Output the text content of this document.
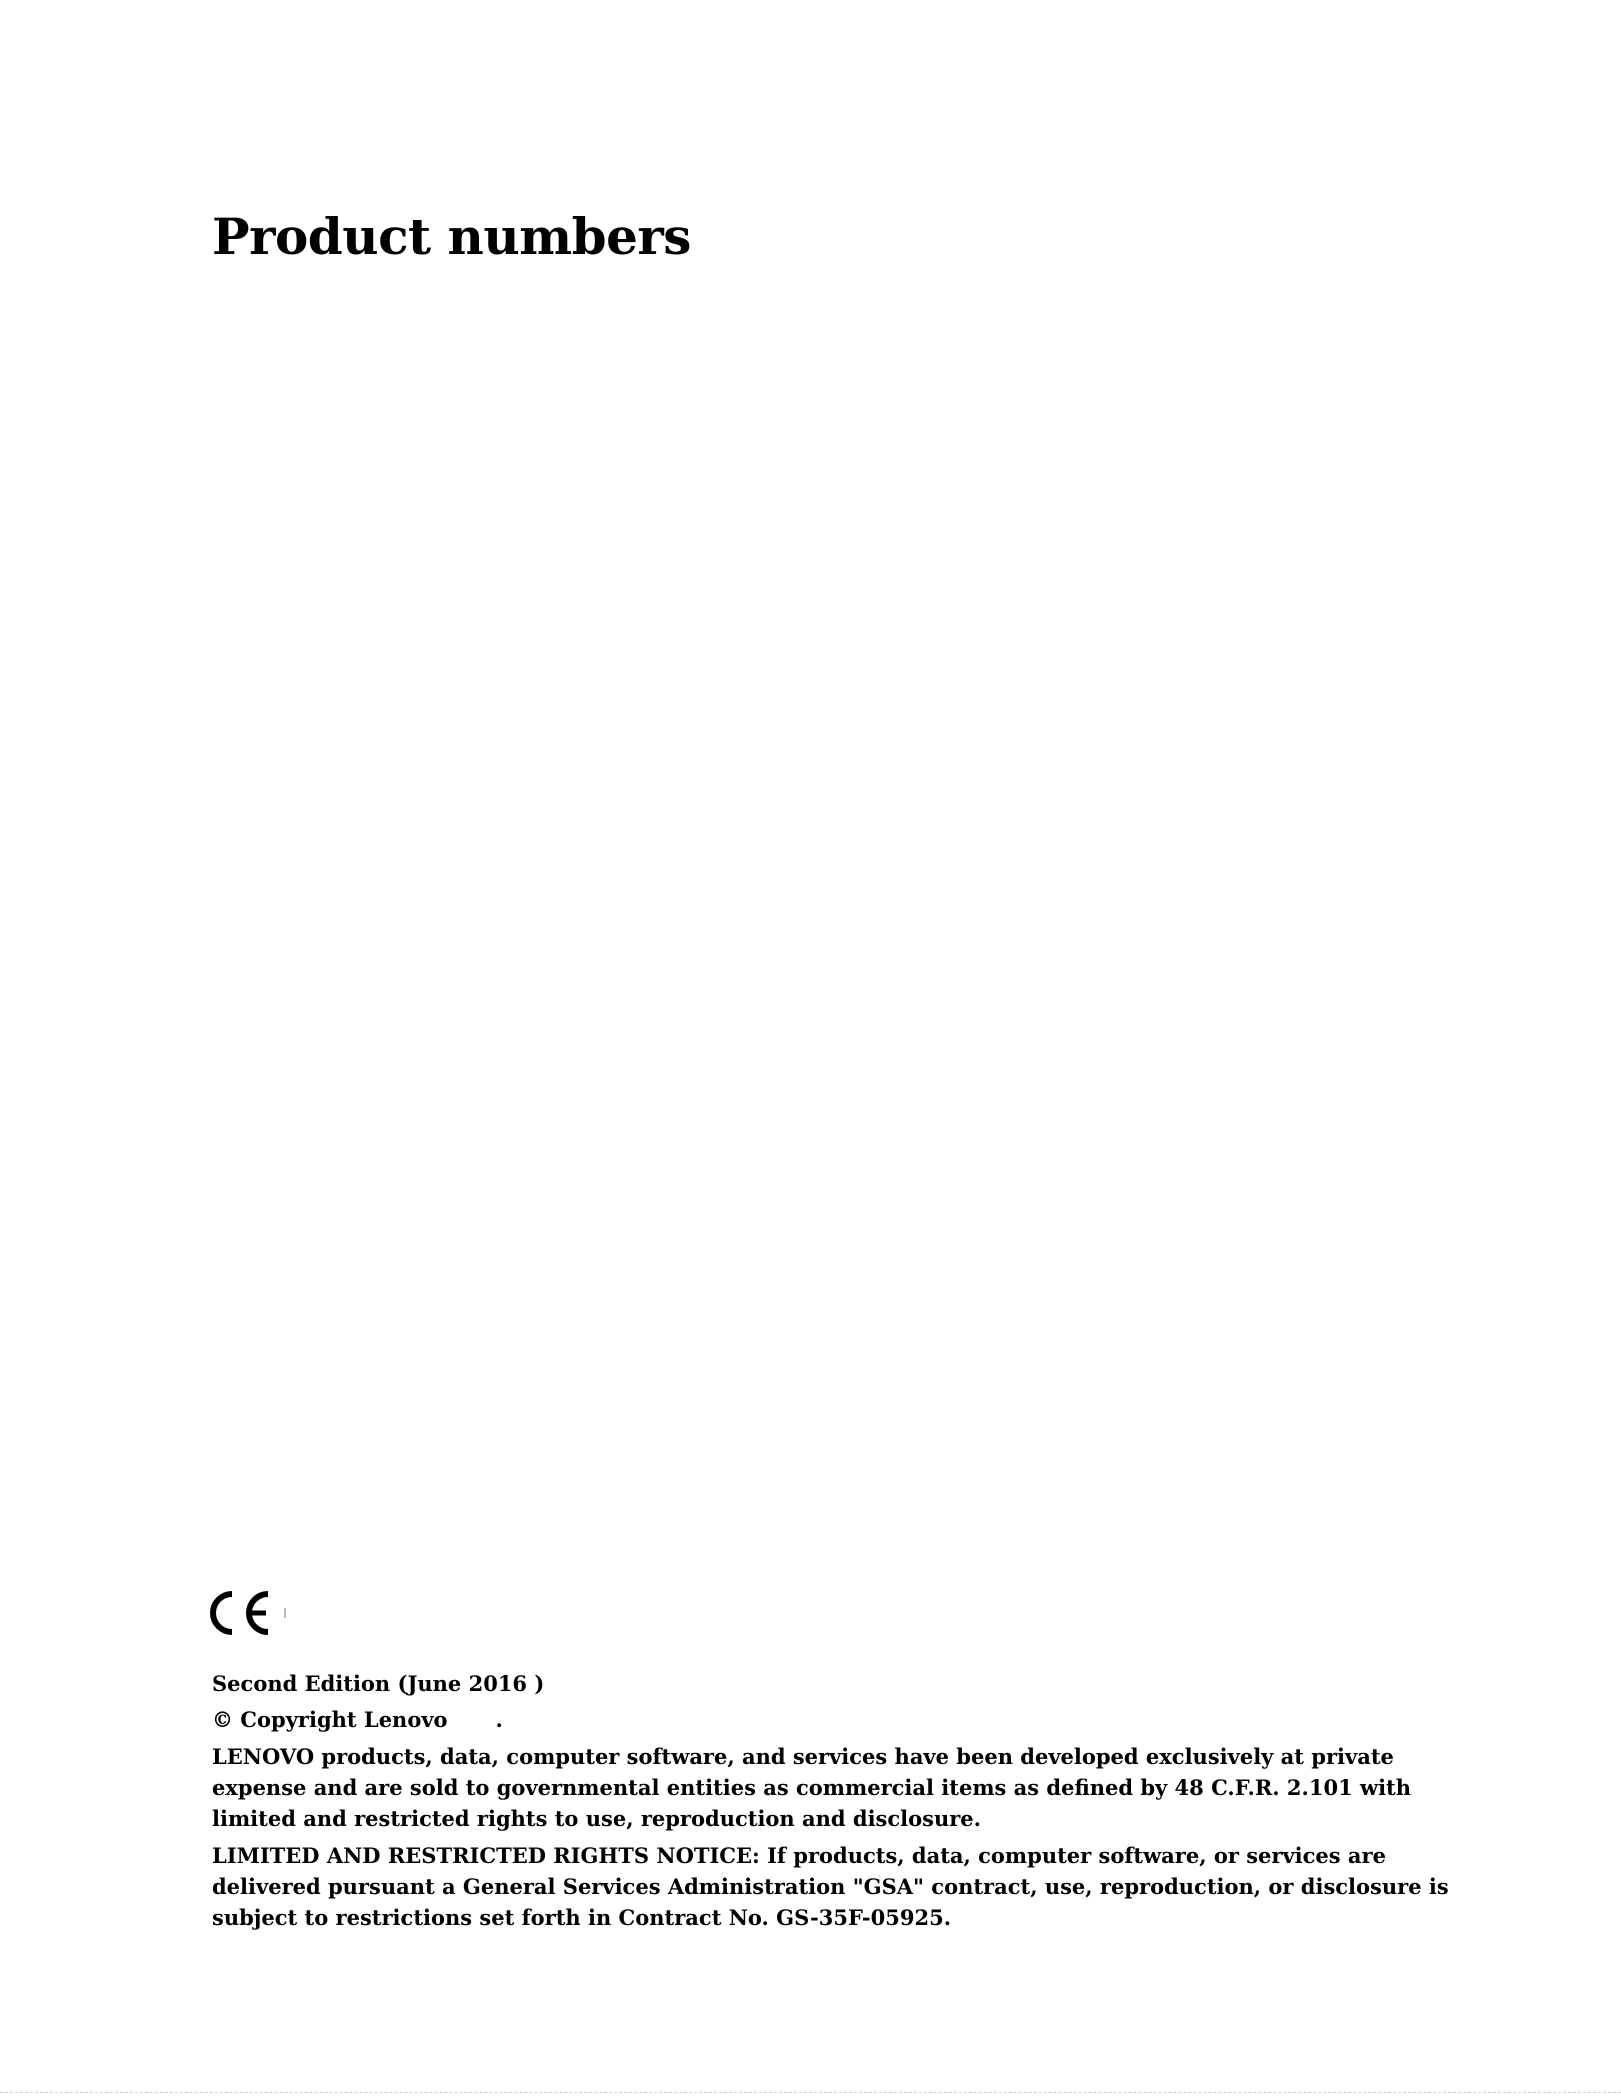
Product numbers

Second Edition (June 2016 )

© Copyright Lenovo .

LENOVO products, data, computer software, and services have been developed exclusively at private expense and are sold to governmental entities as commercial items as defined by 48 C.F.R. 2.101 with limited and restricted rights to use, reproduction and disclosure.

LIMITED AND RESTRICTED RIGHTS NOTICE: If products, data, computer software, or services are delivered pursuant a General Services Administration "GSA" contract, use, reproduction, or disclosure is subject to restrictions set forth in Contract No. GS-35F-05925.
